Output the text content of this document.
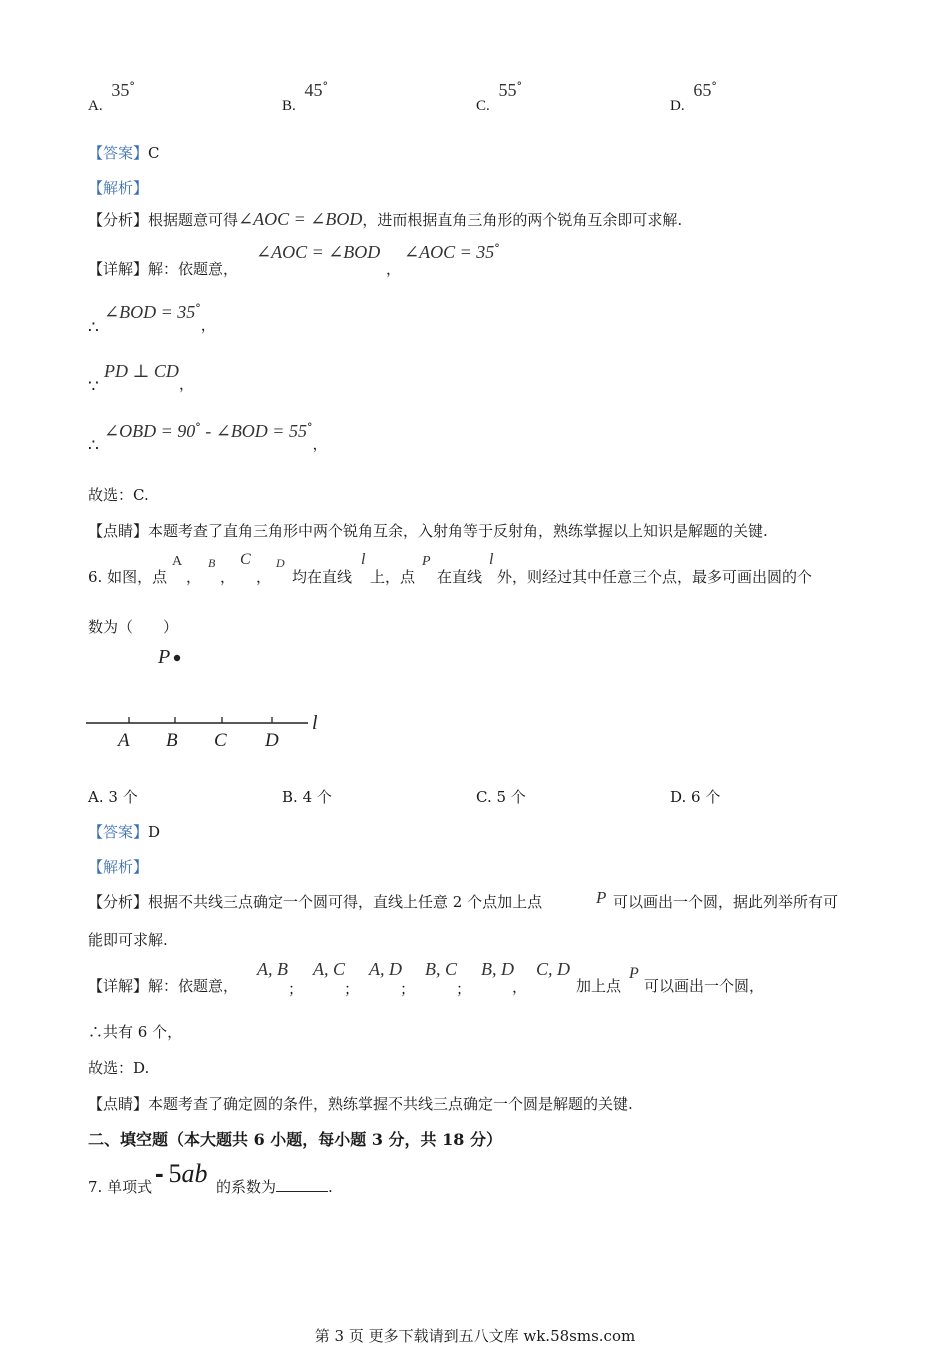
A. 35°
B. 45°
C. 55°
D. 65°
【答案】C
【解析】
【分析】根据题意可得∠AOC = ∠BOD，进而根据直角三角形的两个锐角互余即可求解.
【详解】解：依题意，
∠AOC = ∠BOD
，
∠AOC = 35°
∴
∠BOD = 35°，
∵
PD ⊥ CD，
∴
∠OBD = 90° - ∠BOD = 55°，
故选：C.
【点睛】本题考查了直角三角形中两个锐角互余，入射角等于反射角，熟练掌握以上知识是解题的关键.
6. 如图，点
A
，
B
，
C
，
D
均在直线
l
上，点
P
在直线
l
外，则经过其中任意三个点，最多可画出圆的个
数为（　　）
P
l
A B C D
A. 3 个	B. 4 个	C. 5 个	D. 6 个
【答案】D
【解析】
【分析】根据不共线三点确定一个圆可得，直线上任意 2 个点加上点	P 可以画出一个圆，据此列举所有可
能即可求解.
【详解】解：依题意，
A, B
；
A, C
；
A, D
；
B, C
；
B, D
，
C, D
加上点
P
可以画出一个圆，
∴共有 6 个，
故选：D.
【点睛】本题考查了确定圆的条件，熟练掌握不共线三点确定一个圆是解题的关键.
二、填空题（本大题共 6 小题，每小题 3 分，共 18 分）
7. 单项式 - 5ab 的系数为	.
第 3 页 更多下载请到五八文库 wk.58sms.com
